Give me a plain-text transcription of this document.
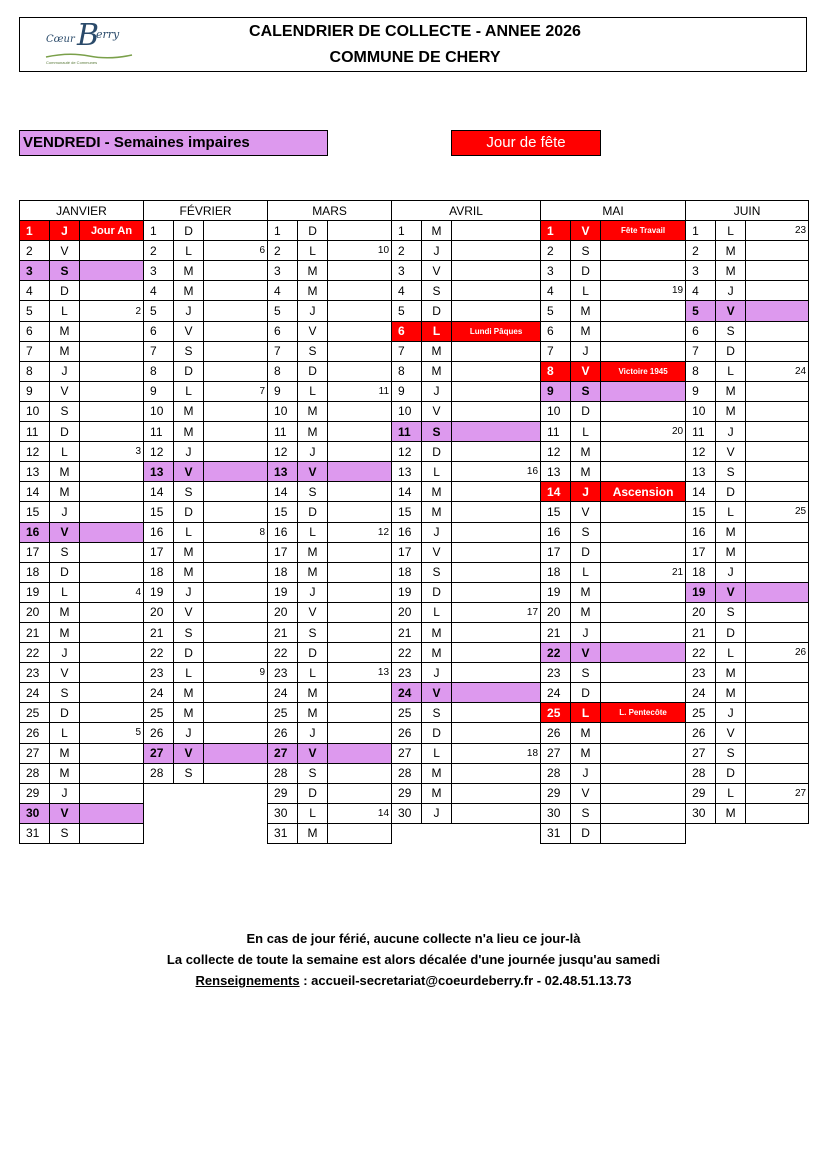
Cœur B
erry
Communauté de Communes
CALENDRIER DE COLLECTE - ANNEE 2026
COMMUNE DE CHERY
VENDREDI - Semaines impaires	Jour de fête
JANVIER			FÉVRIER			MARS			AVRIL			MAI			JUIN		
1	J	Jour An	1	D		1	D		1	M		1	V	Fête Travail	1	L	23
2	V		2	L	6	2	L	10	2	J		2	S		2	M	
3	S		3	M		3	M		3	V		3	D		3	M	
4	D		4	M		4	M		4	S		4	L	19	4	J	
5	L	2	5	J		5	J		5	D		5	M		5	V	
6	M		6	V		6	V		6	L	Lundi Pâques	6	M		6	S	
7	M		7	S		7	S		7	M		7	J		7	D	
8	J		8	D		8	D		8	M		8	V	Victoire 1945	8	L	24
9	V		9	L	7	9	L	11	9	J		9	S		9	M	
10	S		10	M		10	M		10	V		10	D		10	M	
11	D		11	M		11	M		11	S		11	L	20	11	J	
12	L	3	12	J		12	J		12	D		12	M		12	V	
13	M		13	V		13	V		13	L	16	13	M		13	S	
14	M		14	S		14	S		14	M		14	J	Ascension	14	D	
15	J		15	D		15	D		15	M		15	V		15	L	25
16	V		16	L	8	16	L	12	16	J		16	S		16	M	
17	S		17	M		17	M		17	V		17	D		17	M	
18	D		18	M		18	M		18	S		18	L	21	18	J	
19	L	4	19	J		19	J		19	D		19	M		19	V	
20	M		20	V		20	V		20	L	17	20	M		20	S	
21	M		21	S		21	S		21	M		21	J		21	D	
22	J		22	D		22	D		22	M		22	V		22	L	26
23	V		23	L	9	23	L	13	23	J		23	S		23	M	
24	S		24	M		24	M		24	V		24	D		24	M	
25	D		25	M		25	M		25	S		25	L	L. Pentecôte	25	J	
26	L	5	26	J		26	J		26	D		26	M		26	V	
27	M		27	V		27	V		27	L	18	27	M		27	S	
28	M		28	S		28	S		28	M		28	J		28	D	
29	J					29	D		29	M		29	V		29	L	27
30	V					30	L	14	30	J		30	S		30	M	
31	S					31	M					31	D				
En cas de jour férié, aucune collecte n'a lieu ce jour-là
La collecte de toute la semaine est alors décalée d'une journée jusqu'au samedi
Renseignements : accueil-secretariat@coeurdeberry.fr - 02.48.51.13.73
